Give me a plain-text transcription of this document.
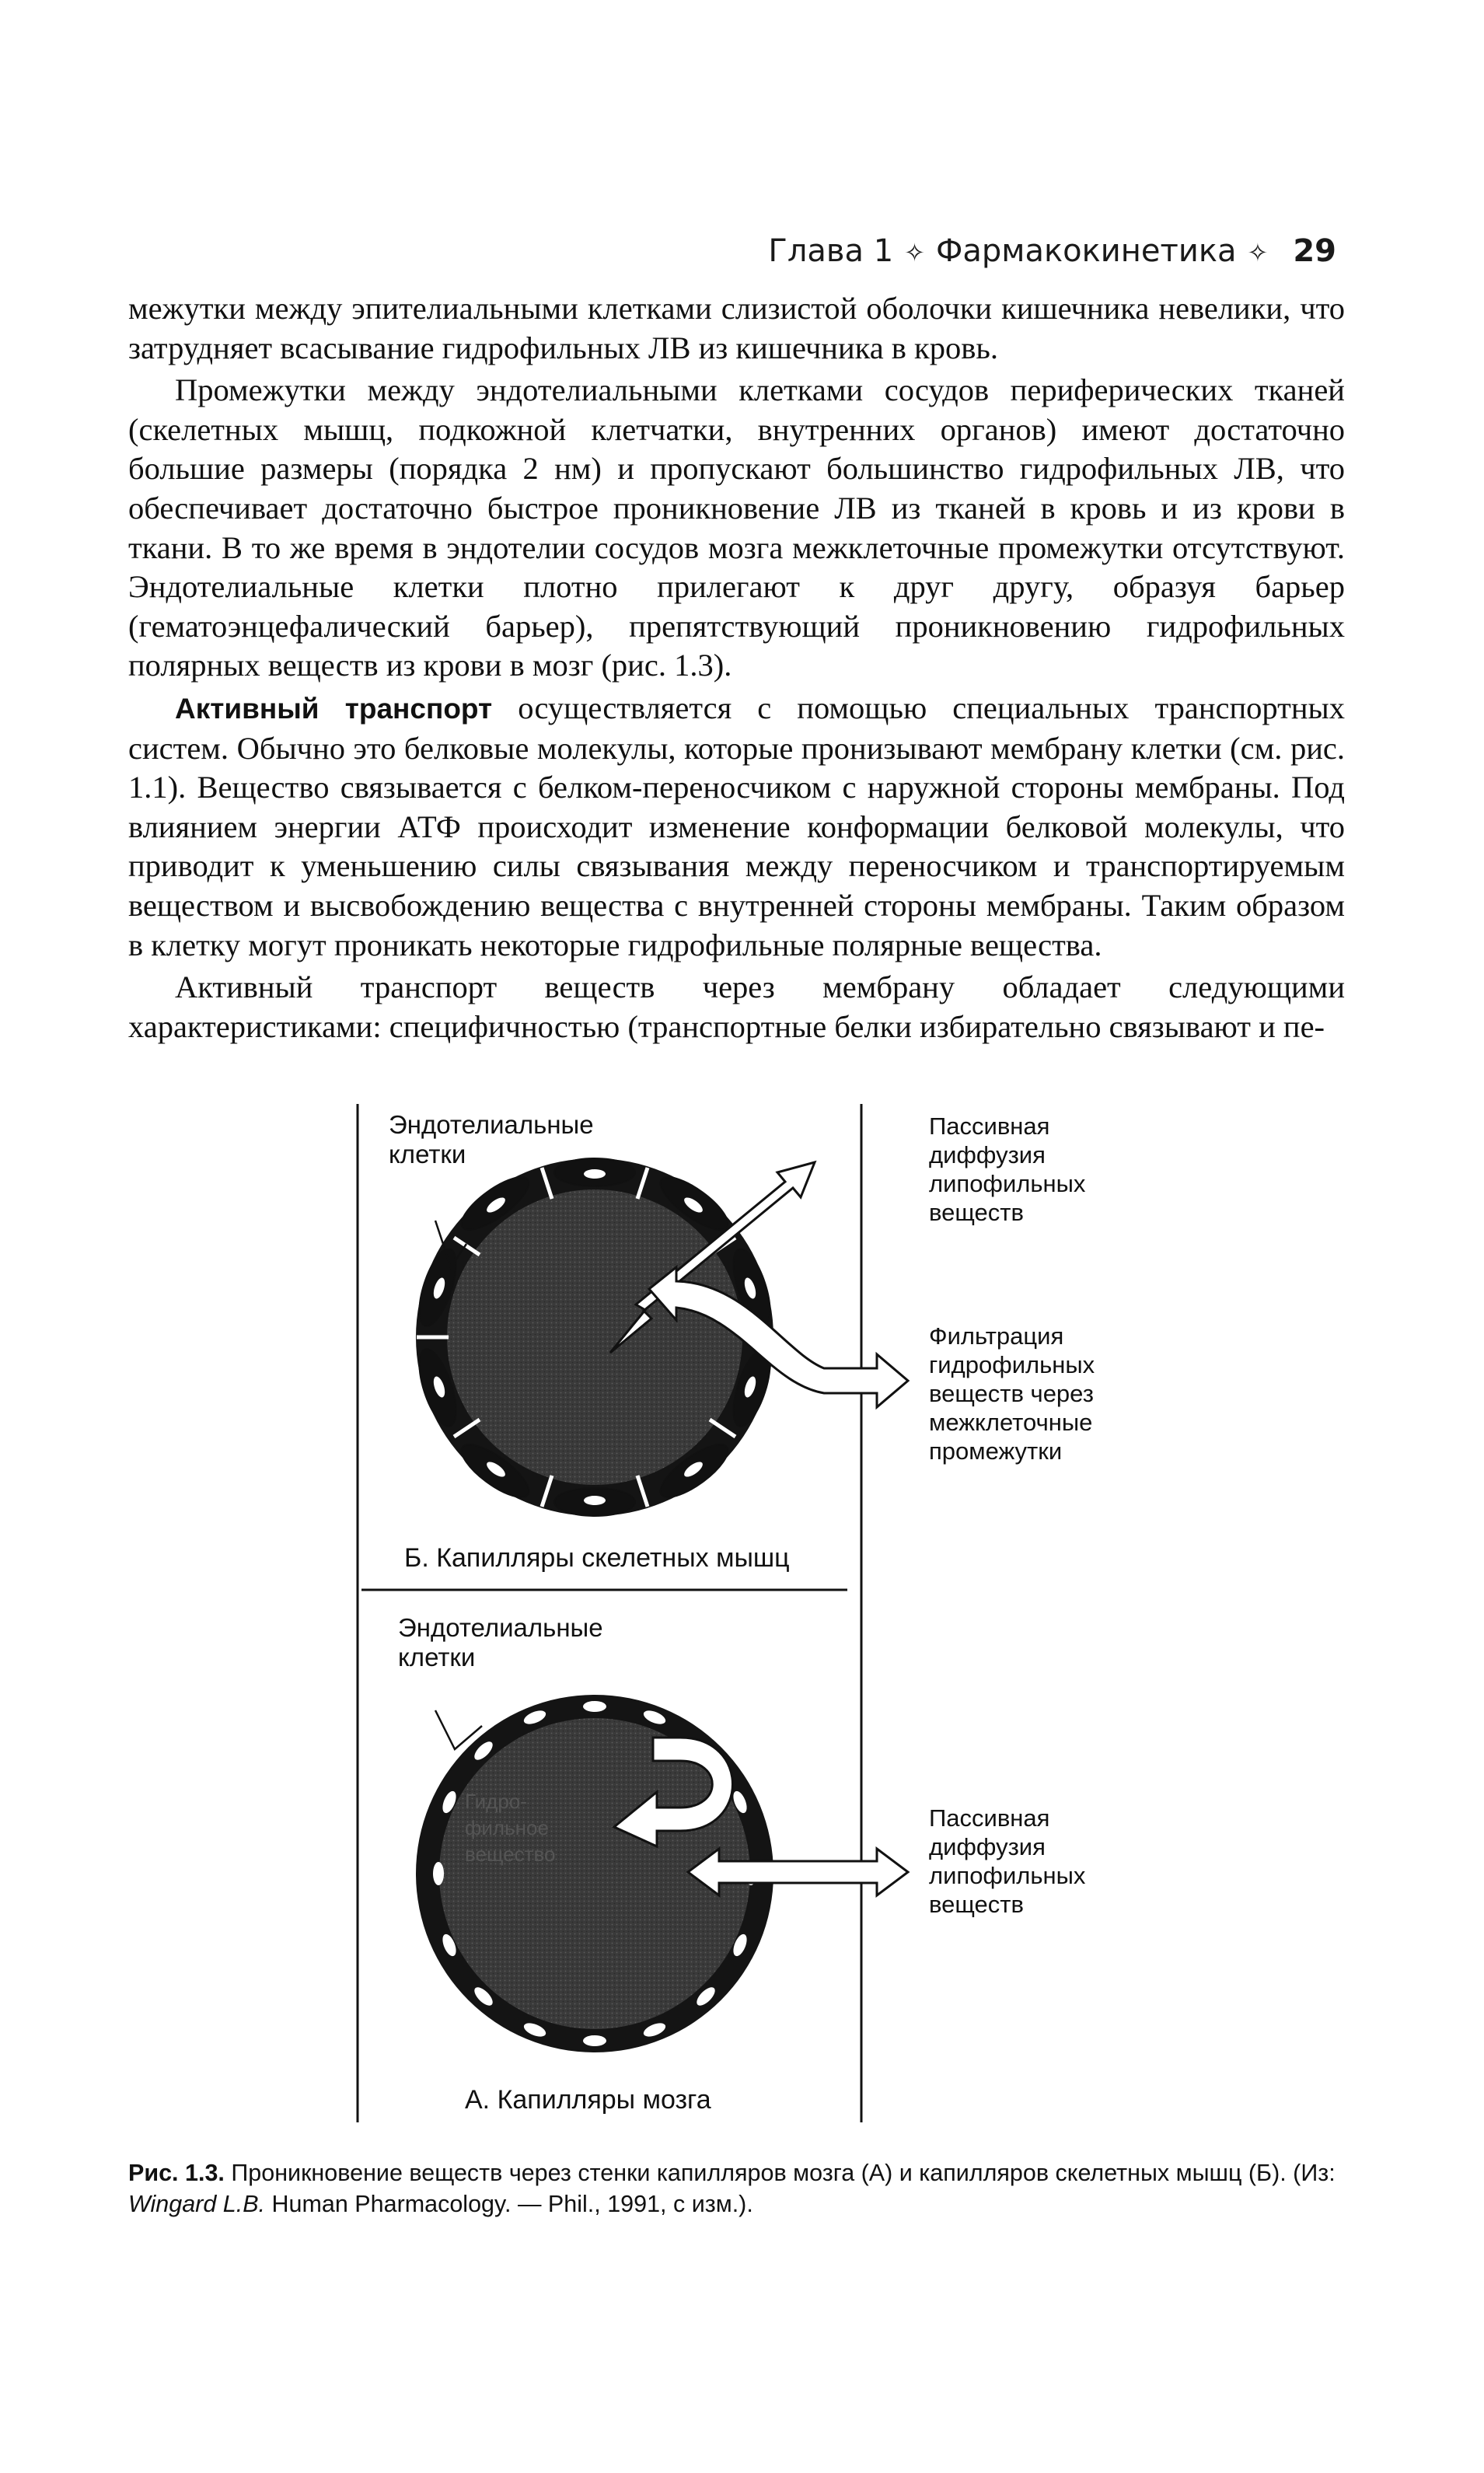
Глава 1 ✧ Фармакокинетика ✧ 29

межутки между эпителиальными клетками слизистой оболочки кишечника невелики, что затрудняет всасывание гидрофильных ЛВ из кишечника в кровь.

Промежутки между эндотелиальными клетками сосудов периферических тканей (скелетных мышц, подкожной клетчатки, внутренних органов) имеют достаточно большие размеры (порядка 2 нм) и пропускают большинство гидрофильных ЛВ, что обеспечивает достаточно быстрое проникновение ЛВ из тканей в кровь и из крови в ткани. В то же время в эндотелии сосудов мозга межклеточные промежутки отсутствуют. Эндотелиальные клетки плотно прилегают к друг другу, образуя барьер (гематоэнцефалический барьер), препятствующий проникновению гидрофильных полярных веществ из крови в мозг (рис. 1.3).

Активный транспорт осуществляется с помощью специальных транспортных систем. Обычно это белковые молекулы, которые пронизывают мембрану клетки (см. рис. 1.1). Вещество связывается с белком-переносчиком с наружной стороны мембраны. Под влиянием энергии АТФ происходит изменение конформации белковой молекулы, что приводит к уменьшению силы связывания между переносчиком и транспортируемым веществом и высвобождению вещества с внутренней стороны мембраны. Таким образом в клетку могут проникать некоторые гидрофильные полярные вещества.

Активный транспорт веществ через мембрану обладает следующими характеристиками: специфичностью (транспортные белки избирательно связывают и пе-

Эндотелиальные
клетки
Б. Капилляры скелетных мышц
Пассивная
диффузия
липофильных
веществ
Фильтрация
гидрофильных
веществ через
межклеточные
промежутки
Эндотелиальные
клетки
Гидро-
фильное
вещество
А. Капилляры мозга
Пассивная
диффузия
липофильных
веществ
Рис. 1.3. Проникновение веществ через стенки капилляров мозга (А) и капилляров скелетных мышц (Б). (Из: Wingard L.B. Human Pharmacology. — Phil., 1991, с изм.).
